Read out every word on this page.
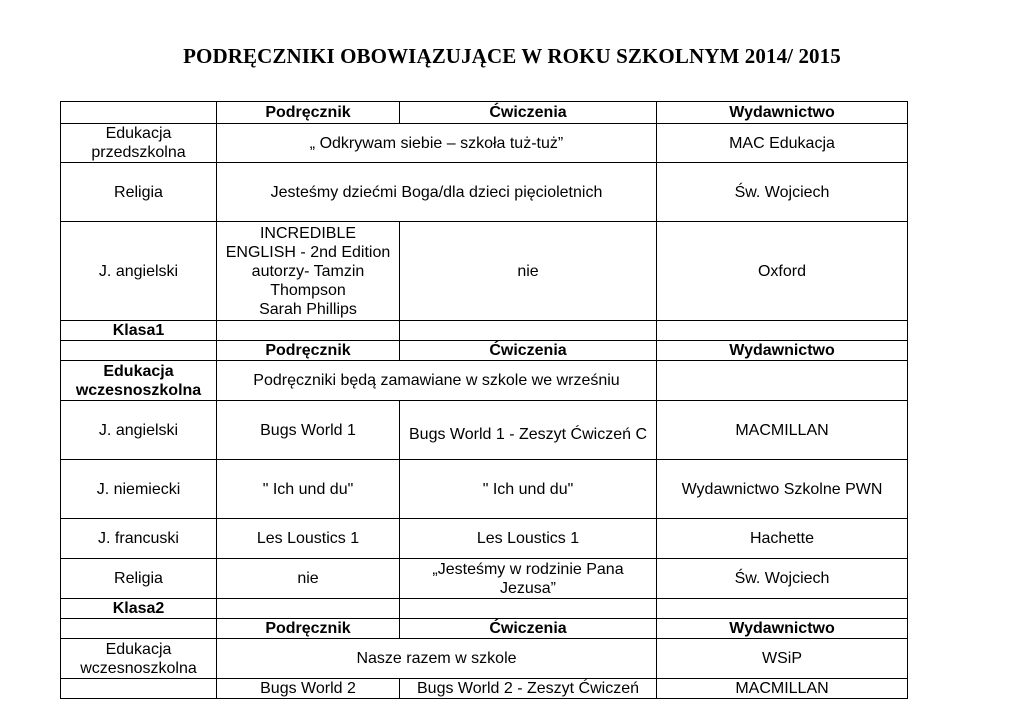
PODRĘCZNIKI OBOWIĄZUJĄCE W ROKU SZKOLNYM 2014/ 2015
	Podręcznik	Ćwiczenia	Wydawnictwo
Edukacja przedszkolna	„ Odkrywam siebie – szkoła tuż-tuż”		MAC Edukacja
Religia	Jesteśmy dziećmi Boga/dla dzieci pięcioletnich		Św. Wojciech
J. angielski	INCREDIBLE
ENGLISH - 2nd Edition
autorzy- Tamzin
Thompson
Sarah Phillips	nie	Oxford
Klasa1			
	Podręcznik	Ćwiczenia	Wydawnictwo
Edukacja wczesnoszkolna	Podręczniki będą zamawiane w szkole we wrześniu		
J. angielski	Bugs World 1	Bugs World 1 - Zeszyt Ćwiczeń C	MACMILLAN
J. niemiecki	" Ich und du"	" Ich und du"	Wydawnictwo Szkolne PWN
J. francuski	Les Loustics 1	Les Loustics 1	Hachette
Religia	nie	„Jesteśmy w rodzinie Pana Jezusa”	Św. Wojciech
Klasa2			
	Podręcznik	Ćwiczenia	Wydawnictwo
Edukacja wczesnoszkolna	Nasze razem w szkole		WSiP
	Bugs World 2	Bugs World 2 - Zeszyt Ćwiczeń	MACMILLAN
